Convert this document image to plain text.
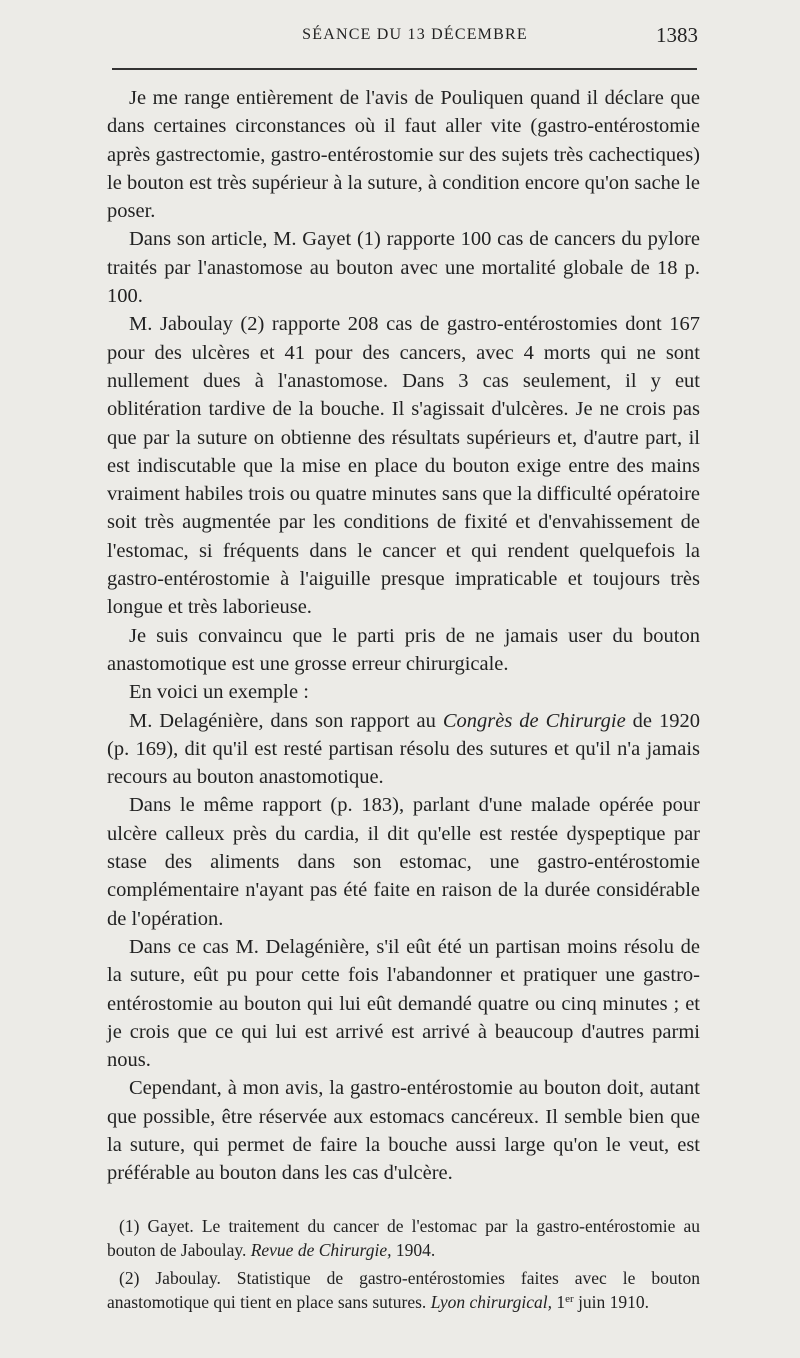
SÉANCE DU 13 DÉCEMBRE	1383

Je me range entièrement de l'avis de Pouliquen quand il déclare que dans certaines circonstances où il faut aller vite (gastro-entérostomie après gastrectomie, gastro-entérostomie sur des sujets très cachectiques) le bouton est très supérieur à la suture, à condition encore qu'on sache le poser.

Dans son article, M. Gayet (1) rapporte 100 cas de cancers du pylore traités par l'anastomose au bouton avec une mortalité globale de 18 p. 100.

M. Jaboulay (2) rapporte 208 cas de gastro-entérostomies dont 167 pour des ulcères et 41 pour des cancers, avec 4 morts qui ne sont nullement dues à l'anastomose. Dans 3 cas seulement, il y eut oblitération tardive de la bouche. Il s'agissait d'ulcères. Je ne crois pas que par la suture on obtienne des résultats supérieurs et, d'autre part, il est indiscutable que la mise en place du bouton exige entre des mains vraiment habiles trois ou quatre minutes sans que la difficulté opératoire soit très augmentée par les conditions de fixité et d'envahissement de l'estomac, si fréquents dans le cancer et qui rendent quelquefois la gastro-entérostomie à l'aiguille presque impraticable et toujours très longue et très laborieuse.

Je suis convaincu que le parti pris de ne jamais user du bouton anastomotique est une grosse erreur chirurgicale.

En voici un exemple :

M. Delagénière, dans son rapport au Congrès de Chirurgie de 1920 (p. 169), dit qu'il est resté partisan résolu des sutures et qu'il n'a jamais recours au bouton anastomotique.

Dans le même rapport (p. 183), parlant d'une malade opérée pour ulcère calleux près du cardia, il dit qu'elle est restée dyspeptique par stase des aliments dans son estomac, une gastro-entérostomie complémentaire n'ayant pas été faite en raison de la durée considérable de l'opération.

Dans ce cas M. Delagénière, s'il eût été un partisan moins résolu de la suture, eût pu pour cette fois l'abandonner et pratiquer une gastro-entérostomie au bouton qui lui eût demandé quatre ou cinq minutes ; et je crois que ce qui lui est arrivé est arrivé à beaucoup d'autres parmi nous.

Cependant, à mon avis, la gastro-entérostomie au bouton doit, autant que possible, être réservée aux estomacs cancéreux. Il semble bien que la suture, qui permet de faire la bouche aussi large qu'on le veut, est préférable au bouton dans les cas d'ulcère.

(1) Gayet. Le traitement du cancer de l'estomac par la gastro-entérostomie au bouton de Jaboulay. Revue de Chirurgie, 1904.

(2) Jaboulay. Statistique de gastro-entérostomies faites avec le bouton anastomotique qui tient en place sans sutures. Lyon chirurgical, 1er juin 1910.
